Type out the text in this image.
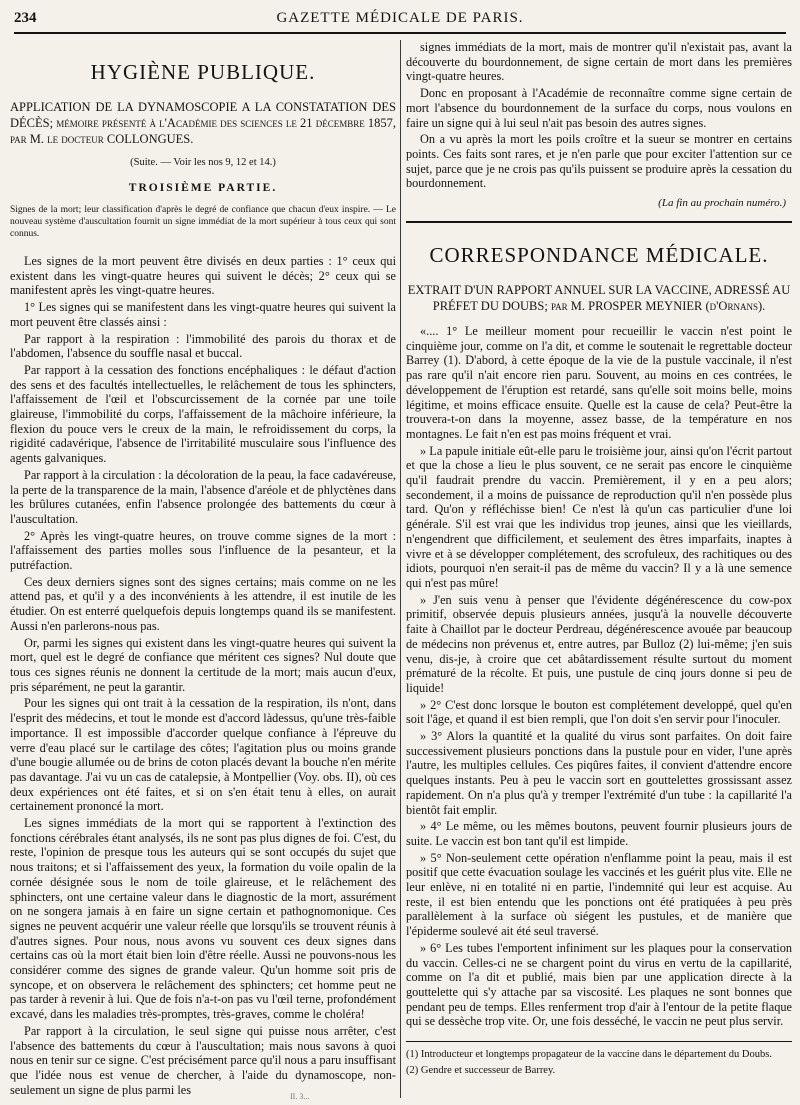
234	GAZETTE MÉDICALE DE PARIS.
HYGIÈNE PUBLIQUE.
APPLICATION DE LA DYNAMOSCOPIE A LA CONSTATATION DES DÉCÈS; mémoire présenté à l'Académie des sciences le 21 décembre 1857, par M. le docteur COLLONGUES.
(Suite. — Voir les nos 9, 12 et 14.)
TROISIÈME PARTIE.
Signes de la mort; leur classification d'après le degré de confiance que chacun d'eux inspire. — Le nouveau système d'auscultation fournit un signe immédiat de la mort supérieur à tous ceux qui sont connus.

Les signes de la mort peuvent être divisés en deux parties : 1° ceux qui existent dans les vingt-quatre heures qui suivent le décès; 2° ceux qui se manifestent après les vingt-quatre heures.

1° Les signes qui se manifestent dans les vingt-quatre heures qui suivent la mort peuvent être classés ainsi :

Par rapport à la respiration : l'immobilité des parois du thorax et de l'abdomen, l'absence du souffle nasal et buccal.

Par rapport à la cessation des fonctions encéphaliques : le défaut d'action des sens et des facultés intellectuelles, le relâchement de tous les sphincters, l'affaissement de l'œil et l'obscurcissement de la cornée par une toile glaireuse, l'immobilité du corps, l'affaissement de la mâchoire inférieure, la flexion du pouce vers le creux de la main, le refroidissement du corps, la rigidité cadavérique, l'absence de l'irritabilité musculaire sous l'influence des agents galvaniques.

Par rapport à la circulation : la décoloration de la peau, la face cadavéreuse, la perte de la transparence de la main, l'absence d'aréole et de phlyctènes dans les brûlures cutanées, enfin l'absence prolongée des battements du cœur à l'auscultation.

2° Après les vingt-quatre heures, on trouve comme signes de la mort : l'affaissement des parties molles sous l'influence de la pesanteur, et la putréfaction.

Ces deux derniers signes sont des signes certains; mais comme on ne les attend pas, et qu'il y a des inconvénients à les attendre, il est inutile de les étudier. On est enterré quelquefois depuis longtemps quand ils se manifestent. Aussi n'en parlerons-nous pas.

Or, parmi les signes qui existent dans les vingt-quatre heures qui suivent la mort, quel est le degré de confiance que méritent ces signes? Nul doute que tous ces signes réunis ne donnent la certitude de la mort; mais aucun d'eux, pris séparément, ne peut la garantir.

Pour les signes qui ont trait à la cessation de la respiration, ils n'ont, dans l'esprit des médecins, et tout le monde est d'accord làdessus, qu'une très-faible importance. Il est impossible d'accorder quelque confiance à l'épreuve du verre d'eau placé sur le cartilage des côtes; l'agitation plus ou moins grande d'une bougie allumée ou de brins de coton placés devant la bouche n'en mérite pas davantage. J'ai vu un cas de catalepsie, à Montpellier (Voy. obs. II), où ces deux expériences ont été faites, et si on s'en était tenu à elles, on aurait certainement prononcé la mort.

Les signes immédiats de la mort qui se rapportent à l'extinction des fonctions cérébrales étant analysés, ils ne sont pas plus dignes de foi. C'est, du reste, l'opinion de presque tous les auteurs qui se sont occupés du sujet que nous traitons; et si l'affaissement des yeux, la formation du voile opalin de la cornée désignée sous le nom de toile glaireuse, et le relâchement des sphincters, ont une certaine valeur dans le diagnostic de la mort, assurément on ne songera jamais à en faire un signe certain et pathognomonique. Ces signes ne peuvent acquérir une valeur réelle que lorsqu'ils se trouvent réunis à d'autres signes. Pour nous, nous avons vu souvent ces deux signes dans certains cas où la mort était bien loin d'être réelle. Aussi ne pouvons-nous les considérer comme des signes de grande valeur. Qu'un homme soit pris de syncope, et on observera le relâchement des sphincters; cet homme peut ne pas tarder à revenir à lui. Que de fois n'a-t-on pas vu l'œil terne, profondément excavé, dans les maladies très-promptes, très-graves, comme le choléra!

Par rapport à la circulation, le seul signe qui puisse nous arrêter, c'est l'absence des battements du cœur à l'auscultation; mais nous savons à quoi nous en tenir sur ce signe. C'est précisément parce qu'il nous a paru insuffisant que l'idée nous est venue de chercher, à l'aide du dynamoscope, non-seulement un signe de plus parmi les

signes immédiats de la mort, mais de montrer qu'il n'existait pas, avant la découverte du bourdonnement, de signe certain de mort dans les premières vingt-quatre heures.

Donc en proposant à l'Académie de reconnaître comme signe certain de mort l'absence du bourdonnement de la surface du corps, nous voulons en faire un signe qui à lui seul n'ait pas besoin des autres signes.

On a vu après la mort les poils croître et la sueur se montrer en certains points. Ces faits sont rares, et je n'en parle que pour exciter l'attention sur ce sujet, parce que je ne crois pas qu'ils puissent se produire après la cessation du bourdonnement.

(La fin au prochain numéro.)
CORRESPONDANCE MÉDICALE.
EXTRAIT D'UN RAPPORT ANNUEL SUR LA VACCINE, ADRESSÉ AU PRÉFET DU DOUBS; par M. PROSPER MEYNIER (d'Ornans).

«.... 1° Le meilleur moment pour recueillir le vaccin n'est point le cinquième jour, comme on l'a dit, et comme le soutenait le regrettable docteur Barrey (1). D'abord, à cette époque de la vie de la pustule vaccinale, il n'est pas rare qu'il n'ait encore rien paru. Souvent, au moins en ces contrées, le développement de l'éruption est retardé, sans qu'elle soit moins belle, moins légitime, et moins efficace ensuite. Quelle est la cause de cela? Peut-être la trouvera-t-on dans la moyenne, assez basse, de la température en nos montagnes. Le fait n'en est pas moins fréquent et vrai.

» La papule initiale eût-elle paru le troisième jour, ainsi qu'on l'écrit partout et que la chose a lieu le plus souvent, ce ne serait pas encore le cinquième qu'il faudrait prendre du vaccin. Premièrement, il y en a peu alors; secondement, il a moins de puissance de reproduction qu'il n'en possède plus tard. Qu'on y réfléchisse bien! Ce n'est là qu'un cas particulier d'une loi générale. S'il est vrai que les individus trop jeunes, ainsi que les vieillards, n'engendrent que difficilement, et seulement des êtres imparfaits, inaptes à vivre et à se développer complétement, des scrofuleux, des rachitiques ou des idiots, pourquoi n'en serait-il pas de même du vaccin? Il y a là une semence qui n'est pas mûre!

» J'en suis venu à penser que l'évidente dégénérescence du cow-pox primitif, observée depuis plusieurs années, jusqu'à la nouvelle découverte faite à Chaillot par le docteur Perdreau, dégénérescence avouée par beaucoup de médecins non prévenus et, entre autres, par Bulloz (2) lui-même; j'en suis venu, dis-je, à croire que cet abâtardissement résulte surtout du moment prématuré de la récolte. Et puis, une pustule de cinq jours donne si peu de liquide!

» 2° C'est donc lorsque le bouton est complétement developpé, quel qu'en soit l'âge, et quand il est bien rempli, que l'on doit s'en servir pour l'inoculer.

» 3° Alors la quantité et la qualité du virus sont parfaites. On doit faire successivement plusieurs ponctions dans la pustule pour en vider, l'une après l'autre, les multiples cellules. Ces piqûres faites, il convient d'attendre encore quelques instants. Peu à peu le vaccin sort en gouttelettes grossissant assez rapidement. On n'a plus qu'à y tremper l'extrémité d'un tube : la capillarité l'a bientôt fait emplir.

» 4° Le même, ou les mêmes boutons, peuvent fournir plusieurs jours de suite. Le vaccin est bon tant qu'il est limpide.

» 5° Non-seulement cette opération n'enflamme point la peau, mais il est positif que cette évacuation soulage les vaccinés et les guérit plus vite. Elle ne leur enlève, ni en totalité ni en partie, l'indemnité qui leur est acquise. Au reste, il est bien entendu que les ponctions ont été pratiquées à peu près parallèlement à la surface où siégent les pustules, et de manière que l'épiderme soulevé ait été seul traversé.

» 6° Les tubes l'emportent infiniment sur les plaques pour la conservation du vaccin. Celles-ci ne se chargent point du virus en vertu de la capillarité, comme on l'a dit et publié, mais bien par une application directe à la gouttelette qui s'y attache par sa viscosité. Les plaques ne sont bonnes que pendant peu de temps. Elles renferment trop d'air à l'entour de la petite flaque qui se dessèche trop vite. Or, une fois desséché, le vaccin ne peut plus servir.

(1) Introducteur et longtemps propagateur de la vaccine dans le département du Doubs.
(2) Gendre et successeur de Barrey.
II. 3...
